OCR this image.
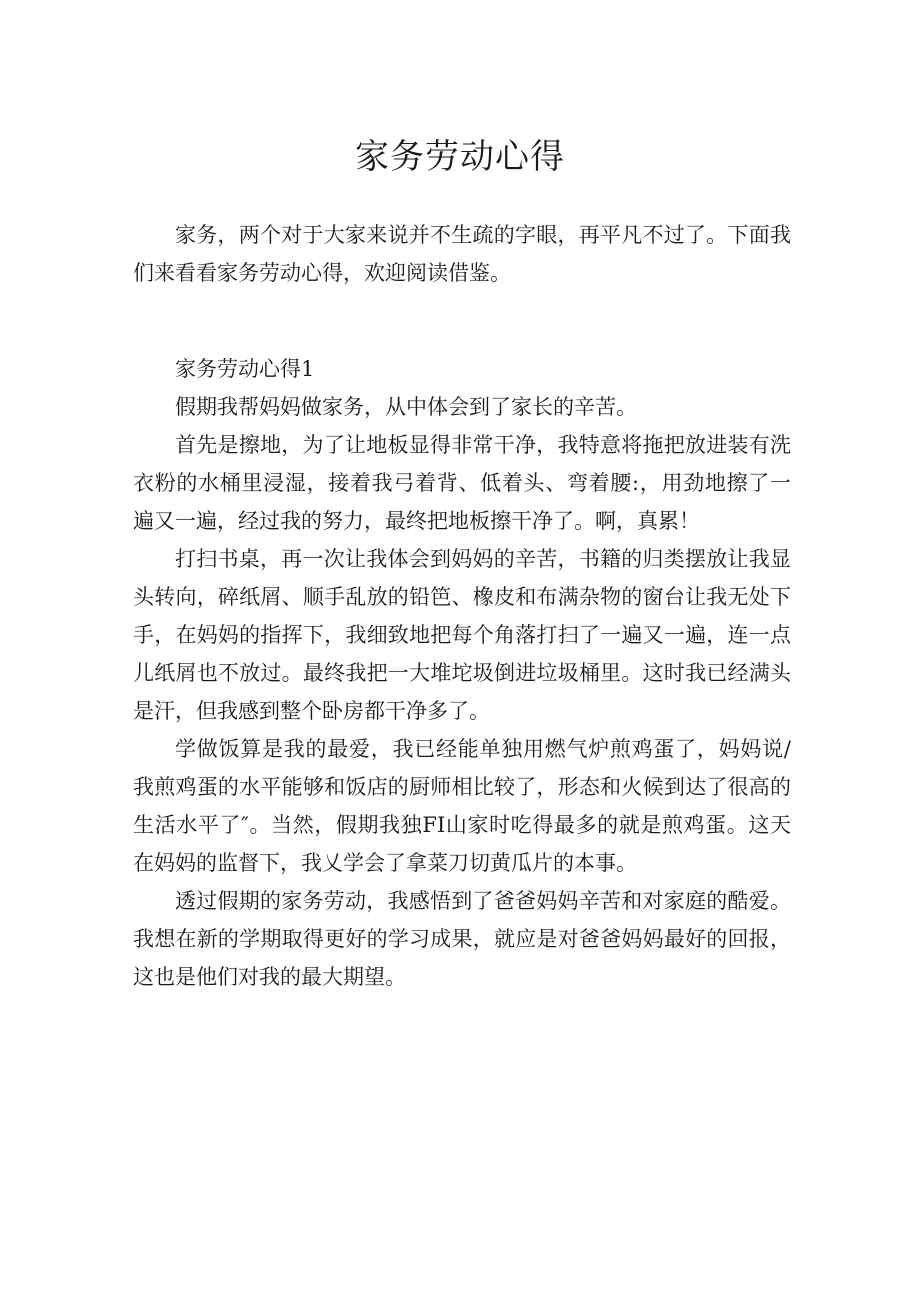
家务劳动心得

家务，两个对于大家来说并不生疏的字眼，再平凡不过了。下面我们来看看家务劳动心得，欢迎阅读借鉴。

家务劳动心得1

假期我帮妈妈做家务，从中体会到了家长的辛苦。

首先是擦地，为了让地板显得非常干净，我特意将拖把放进装有洗衣粉的水桶里浸湿，接着我弓着背、低着头、弯着腰:，用劲地擦了一遍又一遍，经过我的努力，最终把地板擦干净了。啊，真累！

打扫书桌，再一次让我体会到妈妈的辛苦，书籍的归类摆放让我显头转向，碎纸屑、顺手乱放的铅笆、橡皮和布满杂物的窗台让我无处下手，在妈妈的指挥下，我细致地把每个角落打扫了一遍又一遍，连一点儿纸屑也不放过。最终我把一大堆坨圾倒进垃圾桶里。这时我已经满头是汗，但我感到整个卧房都干净多了。

学做饭算是我的最爱，我已经能单独用燃气炉煎鸡蛋了，妈妈说/我煎鸡蛋的水平能够和饭店的厨师相比较了，形态和火候到达了很高的生活水平了″。当然，假期我独FI山家时吃得最多的就是煎鸡蛋。这天在妈妈的监督下，我乂学会了拿菜刀切黄瓜片的本事。

透过假期的家务劳动，我感悟到了爸爸妈妈辛苦和对家庭的酷爱。我想在新的学期取得更好的学习成果，就应是对爸爸妈妈最好的回报，这也是他们对我的最大期望。
